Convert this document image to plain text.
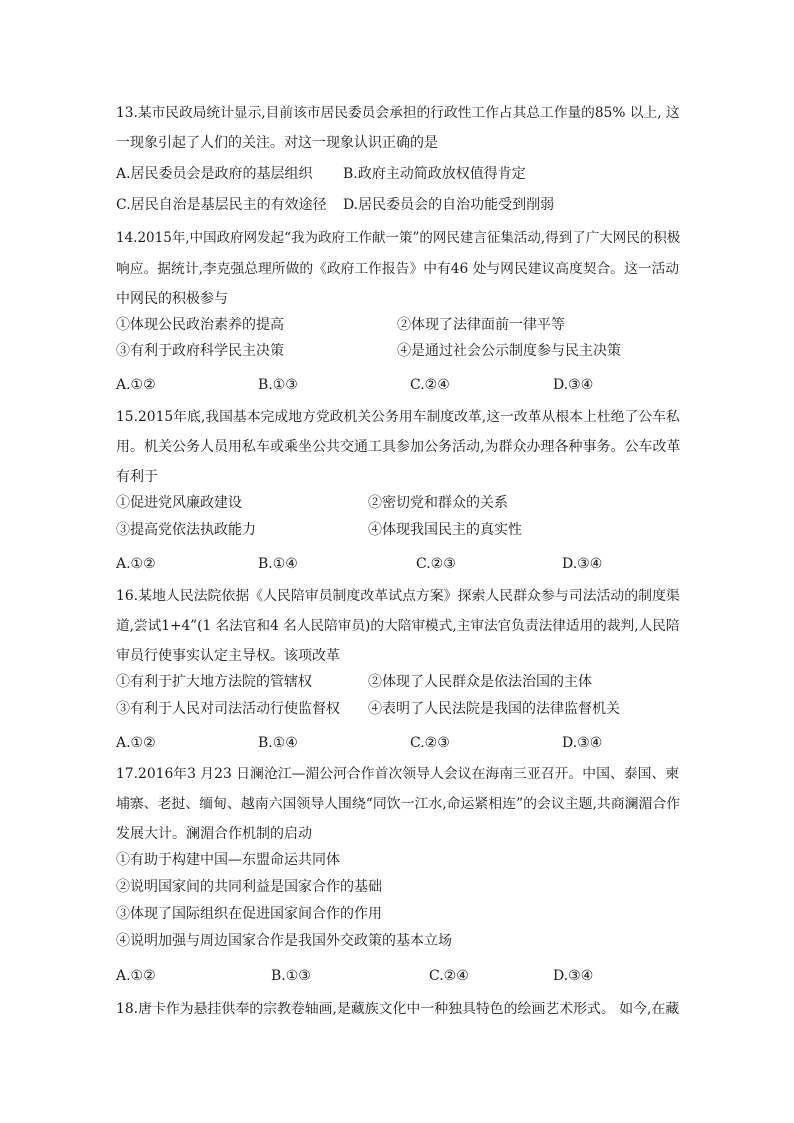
13.某市民政局统计显示,目前该市居民委员会承担的行政性工作占其总工作量的85% 以上, 这
一现象引起了人们的关注。对这一现象认识正确的是
A.居民委员会是政府的基层组织 B.政府主动简政放权值得肯定
C.居民自治是基层民主的有效途径 D.居民委员会的自治功能受到削弱
14.2015年,中国政府网发起“我为政府工作献一策”的网民建言征集活动,得到了广大网民的积极
响应。据统计,李克强总理所做的《政府工作报告》中有46 处与网民建议高度契合。这一活动
中网民的积极参与
①体现公民政治素养的提高	②体现了法律面前一律平等
③有利于政府科学民主决策	④是通过社会公示制度参与民主决策
A.①②	B.①③	C.②④	D.③④
15.2015年底,我国基本完成地方党政机关公务用车制度改革,这一改革从根本上杜绝了公车私
用。机关公务人员用私车或乘坐公共交通工具参加公务活动,为群众办理各种事务。公车改革
有利于
①促进党风廉政建设	②密切党和群众的关系
③提高党依法执政能力	④体现我国民主的真实性
A.①②	B.①④	C.②③	D.③④
16.某地人民法院依据《人民陪审员制度改革试点方案》探索人民群众参与司法活动的制度渠
道,尝试1+4”(1 名法官和4 名人民陪审员)的大陪审模式,主审法官负责法律适用的裁判,人民陪
审员行使事实认定主导权。该项改革
①有利于扩大地方法院的管辖权	②体现了人民群众是依法治国的主体
③有利于人民对司法活动行使监督权 ④表明了人民法院是我国的法律监督机关
A.①②	B.①④	C.②③	D.③④
17.2016年3 月23 日澜沧江—湄公河合作首次领导人会议在海南三亚召开。中国、泰国、柬
埔寨、老挝、缅甸、越南六国领导人围绕“同饮一江水,命运紧相连”的会议主题,共商澜湄合作
发展大计。澜湄合作机制的启动
①有助于构建中国—东盟命运共同体
②说明国家间的共同利益是国家合作的基础
③体现了国际组织在促进国家间合作的作用
④说明加强与周边国家合作是我国外交政策的基本立场
A.①②	B.①③	C.②④	D.③④
18.唐卡作为悬挂供奉的宗教卷轴画,是藏族文化中一种独具特色的绘画艺术形式。 如今,在藏
